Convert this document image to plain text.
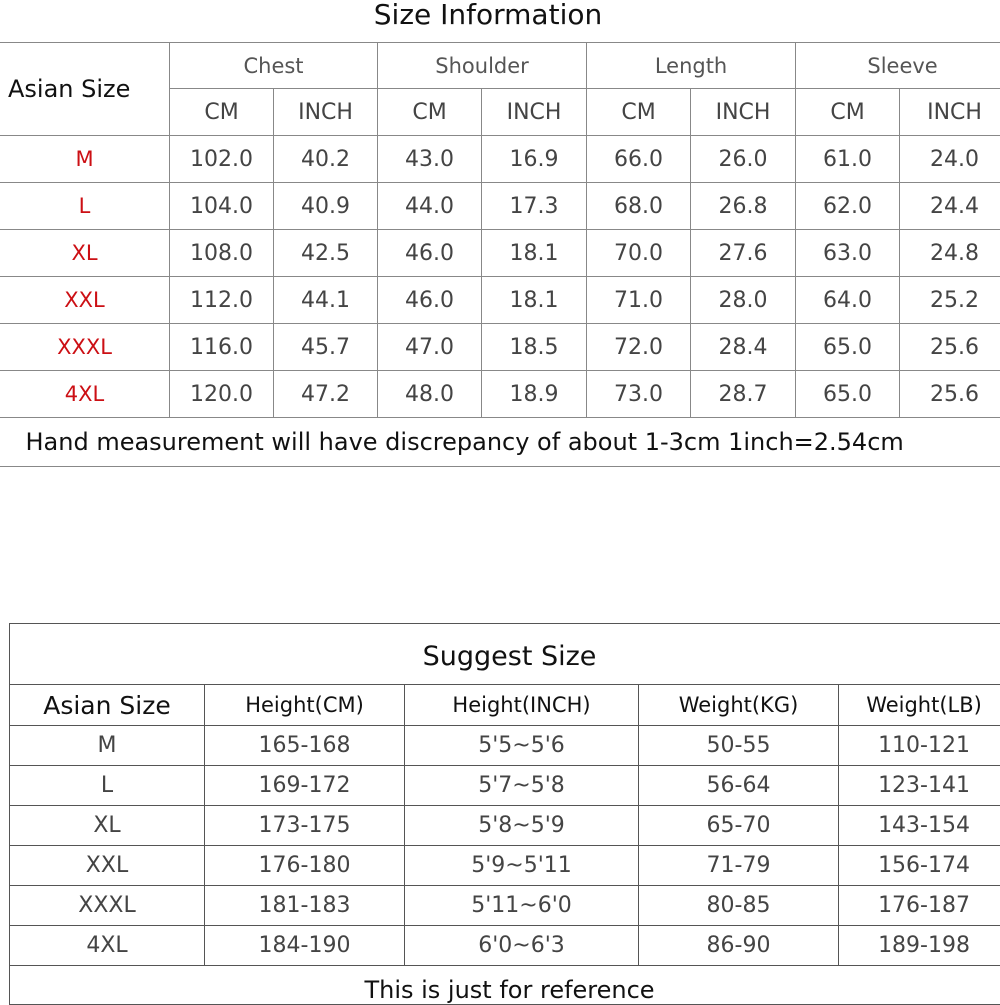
Size Information
Asian Size	Chest		Shoulder		Length		Sleeve	
	CM	INCH	CM	INCH	CM	INCH	CM	INCH
M	102.0	40.2	43.0	16.9	66.0	26.0	61.0	24.0
L	104.0	40.9	44.0	17.3	68.0	26.8	62.0	24.4
XL	108.0	42.5	46.0	18.1	70.0	27.6	63.0	24.8
XXL	112.0	44.1	46.0	18.1	71.0	28.0	64.0	25.2
XXXL	116.0	45.7	47.0	18.5	72.0	28.4	65.0	25.6
4XL	120.0	47.2	48.0	18.9	73.0	28.7	65.0	25.6
Hand measurement will have discrepancy of about 1-3cm 1inch=2.54cm								
Suggest Size				
Asian Size	Height(CM)	Height(INCH)	Weight(KG)	Weight(LB)
M	165-168	5'5~5'6	50-55	110-121
L	169-172	5'7~5'8	56-64	123-141
XL	173-175	5'8~5'9	65-70	143-154
XXL	176-180	5'9~5'11	71-79	156-174
XXXL	181-183	5'11~6'0	80-85	176-187
4XL	184-190	6'0~6'3	86-90	189-198
This is just for reference				
